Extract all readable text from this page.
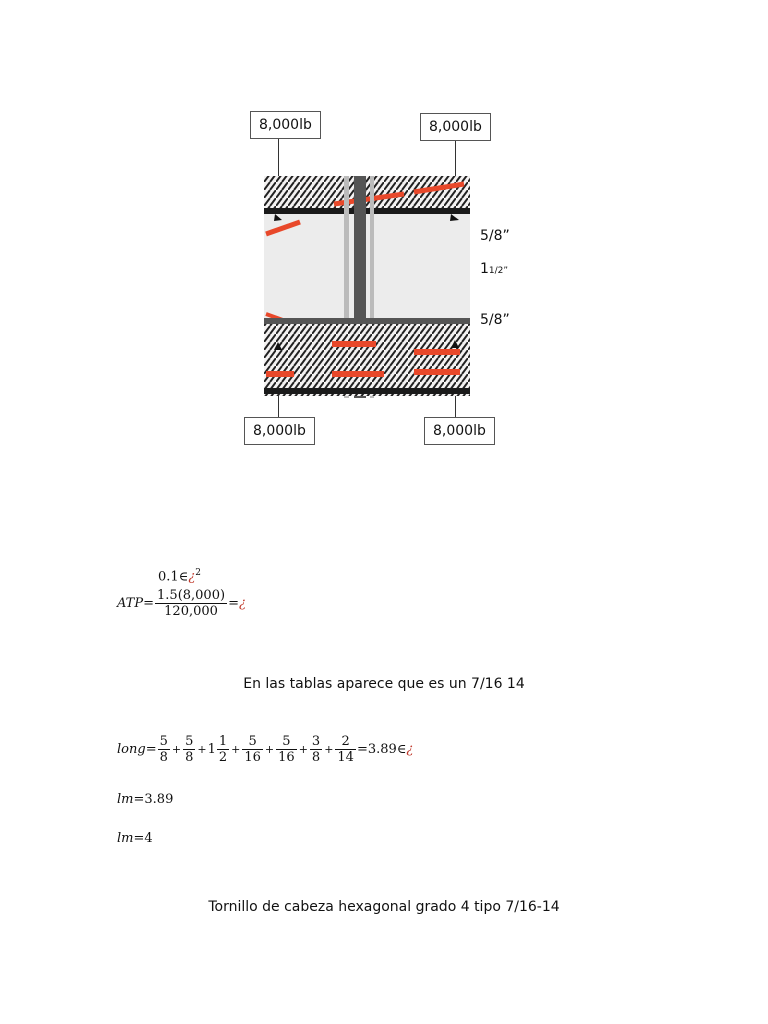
8,000lb	8,000lb
8,000lb	8,000lb
5/8”
11/2”
5/8”
0.1∈¿$^2$
$ATP= \frac{1.5(8,000)}{120,000}$ =¿
En las tablas aparece que es un 7/16 14
long= $\frac{5}{8} + \frac{5}{8} +1 \frac{1}{2} + \frac{5}{16} + \frac{5}{16} + \frac{3}{8} + \frac{2}{14}$ =3.89∈¿
lm=3.89
lm=4
Tornillo de cabeza hexagonal grado 4 tipo 7/16-14
